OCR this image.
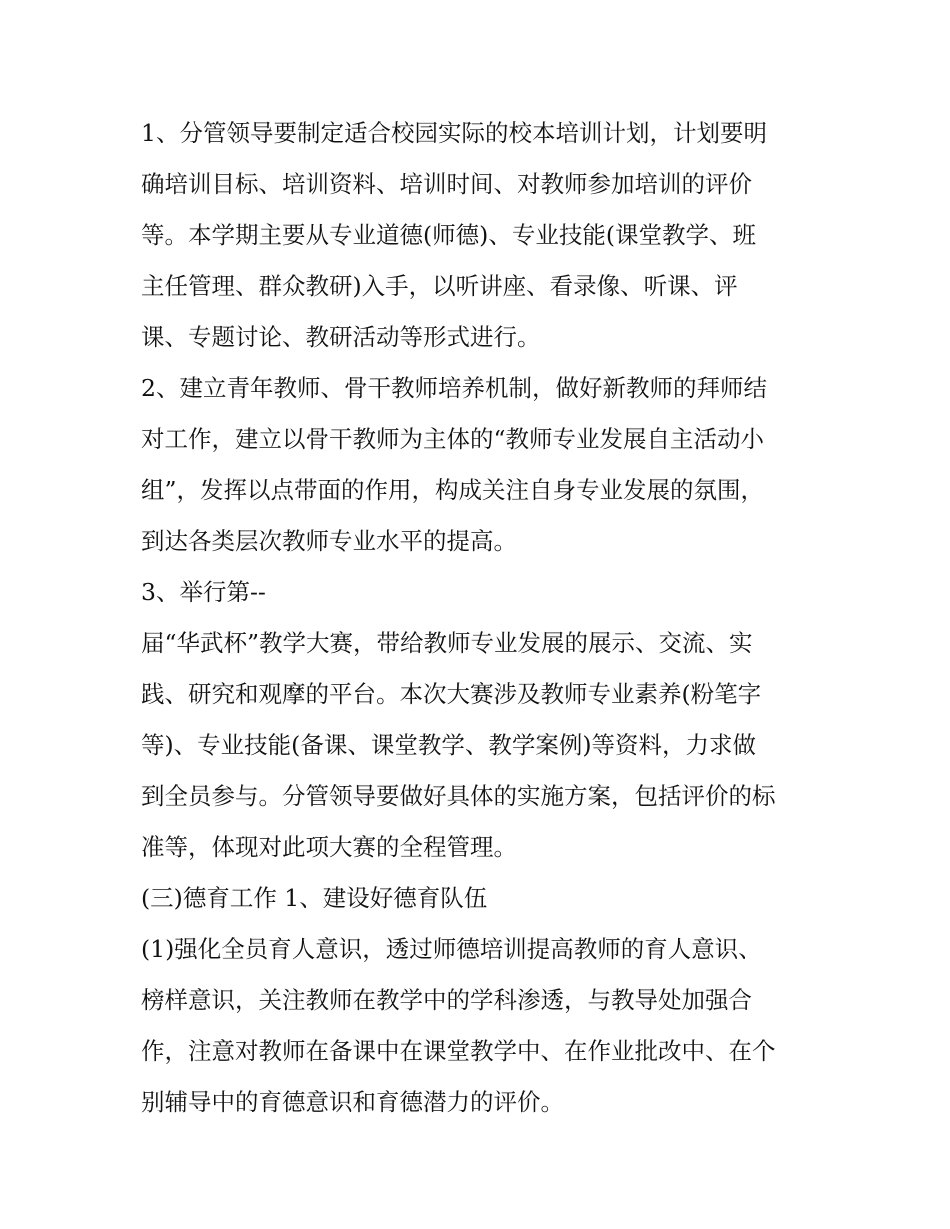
1、分管领导要制定适合校园实际的校本培训计划，计划要明
确培训目标、培训资料、培训时间、对教师参加培训的评价
等。本学期主要从专业道德(师德)、专业技能(课堂教学、班
主任管理、群众教研)入手，以听讲座、看录像、听课、评
课、专题讨论、教研活动等形式进行。
2、建立青年教师、骨干教师培养机制，做好新教师的拜师结
对工作，建立以骨干教师为主体的“教师专业发展自主活动小
组”，发挥以点带面的作用，构成关注自身专业发展的氛围，
到达各类层次教师专业水平的提高。
3、举行第--
届“华武杯”教学大赛，带给教师专业发展的展示、交流、实
践、研究和观摩的平台。本次大赛涉及教师专业素养(粉笔字
等)、专业技能(备课、课堂教学、教学案例)等资料，力求做
到全员参与。分管领导要做好具体的实施方案，包括评价的标
准等，体现对此项大赛的全程管理。
(三)德育工作 1、建设好德育队伍
(1)强化全员育人意识，透过师德培训提高教师的育人意识、
榜样意识，关注教师在教学中的学科渗透，与教导处加强合
作，注意对教师在备课中在课堂教学中、在作业批改中、在个
别辅导中的育德意识和育德潜力的评价。
